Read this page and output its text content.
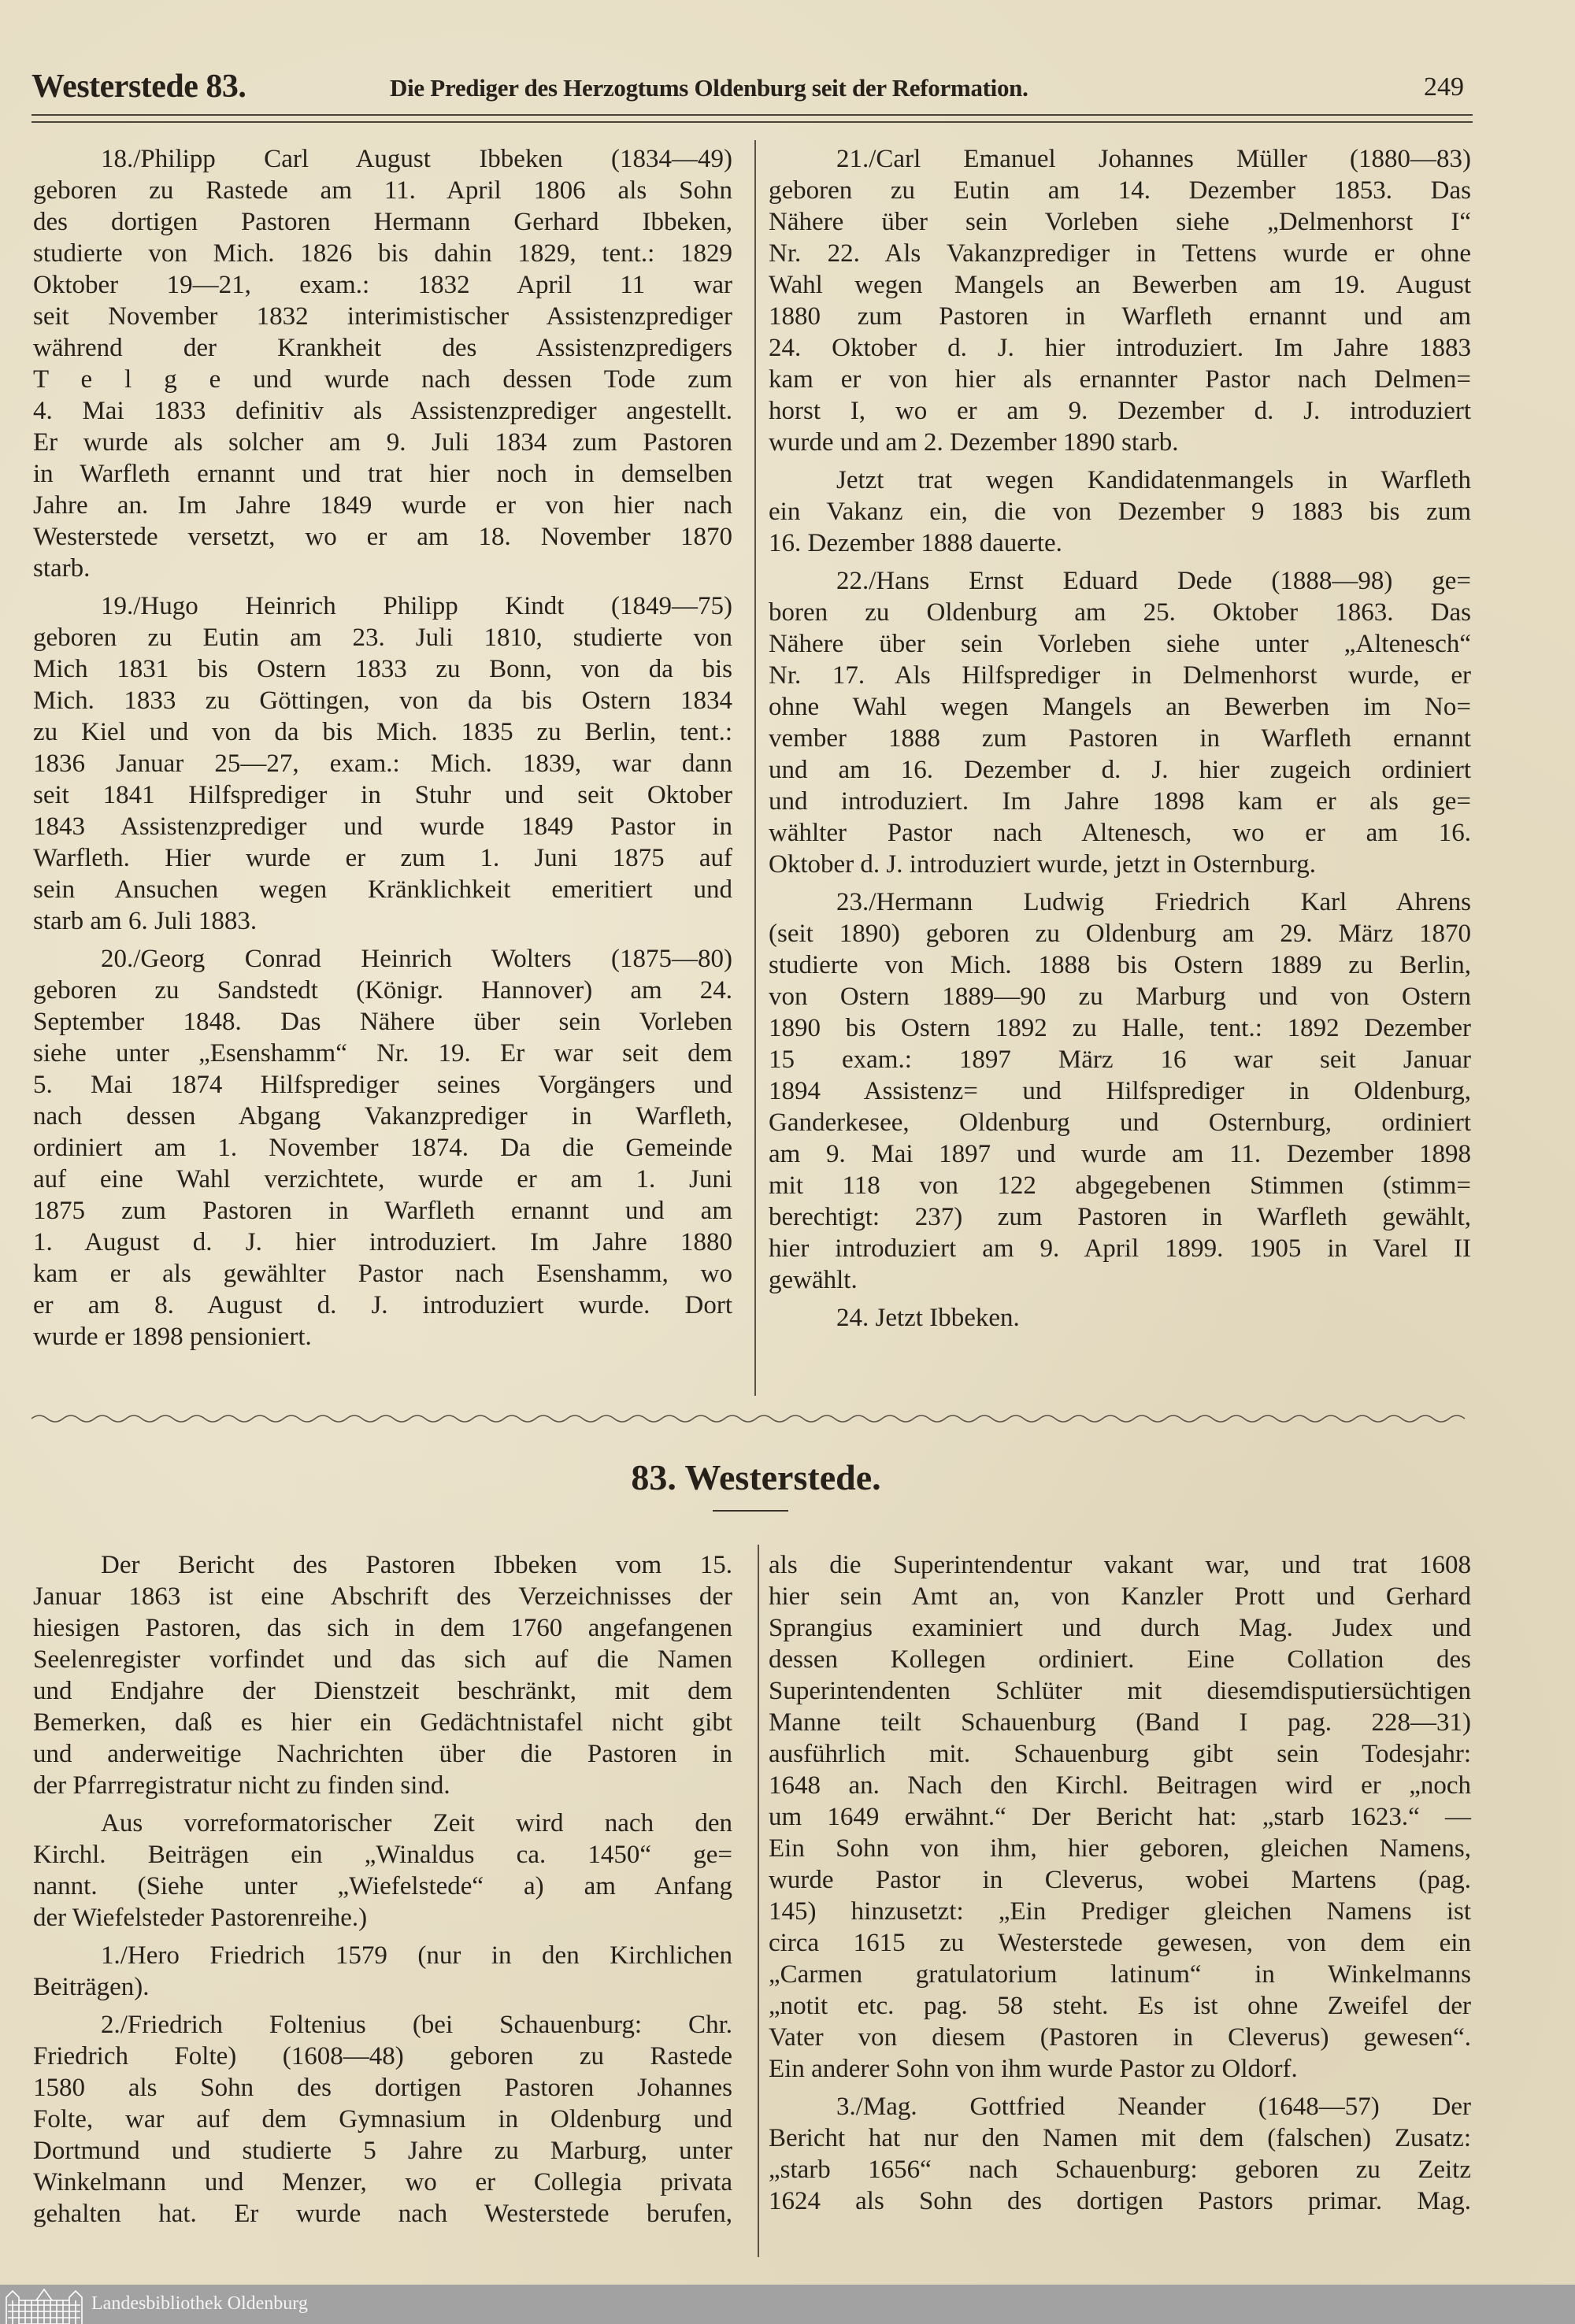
Westerstede 83.	Die Prediger des Herzogtums Oldenburg seit der Reformation.	249
18./Philipp Carl August Ibbeken (1834—49)
geboren zu Rastede am 11. April 1806 als Sohn
des dortigen Pastoren Hermann Gerhard Ibbeken,
studierte von Mich. 1826 bis dahin 1829, tent.: 1829
Oktober 19—21, exam.: 1832 April 11 war
seit November 1832 interimistischer Assistenzprediger
während der Krankheit des Assistenzpredigers
T e l g e und wurde nach dessen Tode zum
4. Mai 1833 definitiv als Assistenzprediger angestellt.
Er wurde als solcher am 9. Juli 1834 zum Pastoren
in Warfleth ernannt und trat hier noch in demselben
Jahre an. Im Jahre 1849 wurde er von hier nach
Westerstede versetzt, wo er am 18. November 1870
starb.
19./Hugo Heinrich Philipp Kindt (1849—75)
geboren zu Eutin am 23. Juli 1810, studierte von
Mich 1831 bis Ostern 1833 zu Bonn, von da bis
Mich. 1833 zu Göttingen, von da bis Ostern 1834
zu Kiel und von da bis Mich. 1835 zu Berlin, tent.:
1836 Januar 25—27, exam.: Mich. 1839, war dann
seit 1841 Hilfsprediger in Stuhr und seit Oktober
1843 Assistenzprediger und wurde 1849 Pastor in
Warfleth. Hier wurde er zum 1. Juni 1875 auf
sein Ansuchen wegen Kränklichkeit emeritiert und
starb am 6. Juli 1883.
20./Georg Conrad Heinrich Wolters (1875—80)
geboren zu Sandstedt (Königr. Hannover) am 24.
September 1848. Das Nähere über sein Vorleben
siehe unter „Esenshamm“ Nr. 19. Er war seit dem
5. Mai 1874 Hilfsprediger seines Vorgängers und
nach dessen Abgang Vakanzprediger in Warfleth,
ordiniert am 1. November 1874. Da die Gemeinde
auf eine Wahl verzichtete, wurde er am 1. Juni
1875 zum Pastoren in Warfleth ernannt und am
1. August d. J. hier introduziert. Im Jahre 1880
kam er als gewählter Pastor nach Esenshamm, wo
er am 8. August d. J. introduziert wurde. Dort
wurde er 1898 pensioniert.
21./Carl Emanuel Johannes Müller (1880—83)
geboren zu Eutin am 14. Dezember 1853. Das
Nähere über sein Vorleben siehe „Delmenhorst I“
Nr. 22. Als Vakanzprediger in Tettens wurde er ohne
Wahl wegen Mangels an Bewerben am 19. August
1880 zum Pastoren in Warfleth ernannt und am
24. Oktober d. J. hier introduziert. Im Jahre 1883
kam er von hier als ernannter Pastor nach Delmen=
horst I, wo er am 9. Dezember d. J. introduziert
wurde und am 2. Dezember 1890 starb.
Jetzt trat wegen Kandidatenmangels in Warfleth
ein Vakanz ein, die von Dezember 9 1883 bis zum
16. Dezember 1888 dauerte.
22./Hans Ernst Eduard Dede (1888—98) ge=
boren zu Oldenburg am 25. Oktober 1863. Das
Nähere über sein Vorleben siehe unter „Altenesch“
Nr. 17. Als Hilfsprediger in Delmenhorst wurde, er
ohne Wahl wegen Mangels an Bewerben im No=
vember 1888 zum Pastoren in Warfleth ernannt
und am 16. Dezember d. J. hier zugeich ordiniert
und introduziert. Im Jahre 1898 kam er als ge=
wählter Pastor nach Altenesch, wo er am 16.
Oktober d. J. introduziert wurde, jetzt in Osternburg.
23./Hermann Ludwig Friedrich Karl Ahrens
(seit 1890) geboren zu Oldenburg am 29. März 1870
studierte von Mich. 1888 bis Ostern 1889 zu Berlin,
von Ostern 1889—90 zu Marburg und von Ostern
1890 bis Ostern 1892 zu Halle, tent.: 1892 Dezember
15 exam.: 1897 März 16 war seit Januar
1894 Assistenz= und Hilfsprediger in Oldenburg,
Ganderkesee, Oldenburg und Osternburg, ordiniert
am 9. Mai 1897 und wurde am 11. Dezember 1898
mit 118 von 122 abgegebenen Stimmen (stimm=
berechtigt: 237) zum Pastoren in Warfleth gewählt,
hier introduziert am 9. April 1899. 1905 in Varel II
gewählt.
24. Jetzt Ibbeken.
83. Westerstede.
Der Bericht des Pastoren Ibbeken vom 15.
Januar 1863 ist eine Abschrift des Verzeichnisses der
hiesigen Pastoren, das sich in dem 1760 angefangenen
Seelenregister vorfindet und das sich auf die Namen
und Endjahre der Dienstzeit beschränkt, mit dem
Bemerken, daß es hier ein Gedächtnistafel nicht gibt
und anderweitige Nachrichten über die Pastoren in
der Pfarrregistratur nicht zu finden sind.
Aus vorreformatorischer Zeit wird nach den
Kirchl. Beiträgen ein „Winaldus ca. 1450“ ge=
nannt. (Siehe unter „Wiefelstede“ a) am Anfang
der Wiefelsteder Pastorenreihe.)
1./Hero Friedrich 1579 (nur in den Kirchlichen
Beiträgen).
2./Friedrich Foltenius (bei Schauenburg: Chr.
Friedrich Folte) (1608—48) geboren zu Rastede
1580 als Sohn des dortigen Pastoren Johannes
Folte, war auf dem Gymnasium in Oldenburg und
Dortmund und studierte 5 Jahre zu Marburg, unter
Winkelmann und Menzer, wo er Collegia privata
gehalten hat. Er wurde nach Westerstede berufen,
als die Superintendentur vakant war, und trat 1608
hier sein Amt an, von Kanzler Prott und Gerhard
Sprangius examiniert und durch Mag. Judex und
dessen Kollegen ordiniert. Eine Collation des
Superintendenten Schlüter mit diesemdisputiersüchtigen
Manne teilt Schauenburg (Band I pag. 228—31)
ausführlich mit. Schauenburg gibt sein Todesjahr:
1648 an. Nach den Kirchl. Beitragen wird er „noch
um 1649 erwähnt.“ Der Bericht hat: „starb 1623.“ —
Ein Sohn von ihm, hier geboren, gleichen Namens,
wurde Pastor in Cleverus, wobei Martens (pag.
145) hinzusetzt: „Ein Prediger gleichen Namens ist
circa 1615 zu Westerstede gewesen, von dem ein
„Carmen gratulatorium latinum“ in Winkelmanns
„notit etc. pag. 58 steht. Es ist ohne Zweifel der
Vater von diesem (Pastoren in Cleverus) gewesen“.
Ein anderer Sohn von ihm wurde Pastor zu Oldorf.
3./Mag. Gottfried Neander (1648—57) Der
Bericht hat nur den Namen mit dem (falschen) Zusatz:
„starb 1656“ nach Schauenburg: geboren zu Zeitz
1624 als Sohn des dortigen Pastors primar. Mag.
Landesbibliothek Oldenburg
